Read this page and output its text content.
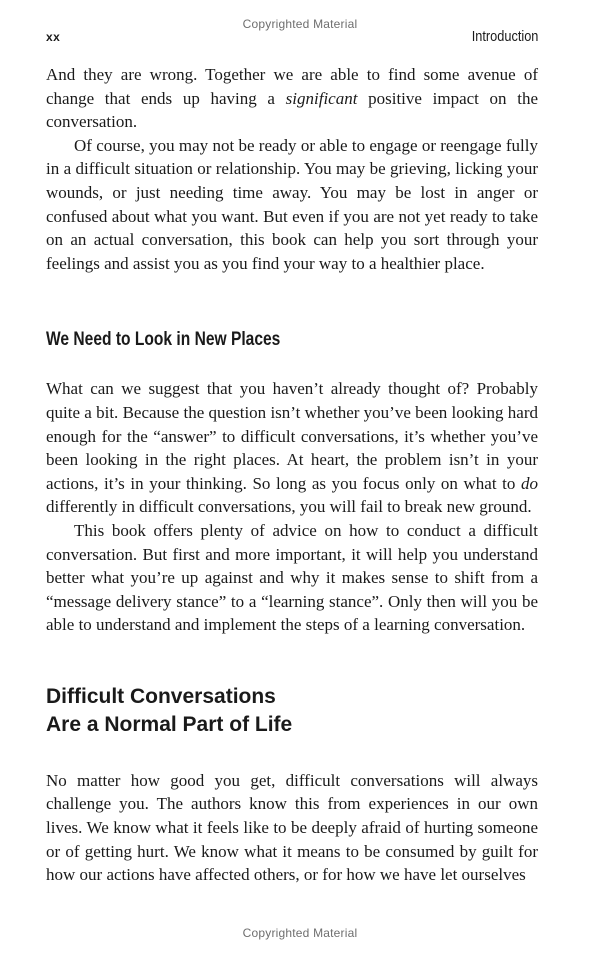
Copyrighted Material
xx	Introduction

And they are wrong. Together we are able to find some avenue of change that ends up having a significant positive impact on the conversation.

Of course, you may not be ready or able to engage or reengage fully in a difficult situation or relationship. You may be grieving, licking your wounds, or just needing time away. You may be lost in anger or confused about what you want. But even if you are not yet ready to take on an actual conversation, this book can help you sort through your feelings and assist you as you find your way to a healthier place.

We Need to Look in New Places

What can we suggest that you haven’t already thought of? Probably quite a bit. Because the question isn’t whether you’ve been looking hard enough for the “answer” to difficult conversations, it’s whether you’ve been looking in the right places. At heart, the problem isn’t in your actions, it’s in your thinking. So long as you focus only on what to do differently in difficult conversations, you will fail to break new ground.

This book offers plenty of advice on how to conduct a difficult conversation. But first and more important, it will help you understand better what you’re up against and why it makes sense to shift from a “message delivery stance” to a “learning stance”. Only then will you be able to understand and implement the steps of a learning conversation.

Difficult Conversations
Are a Normal Part of Life

No matter how good you get, difficult conversations will always challenge you. The authors know this from experiences in our own lives. We know what it feels like to be deeply afraid of hurting someone or of getting hurt. We know what it means to be consumed by guilt for how our actions have affected others, or for how we have let ourselves

Copyrighted Material
